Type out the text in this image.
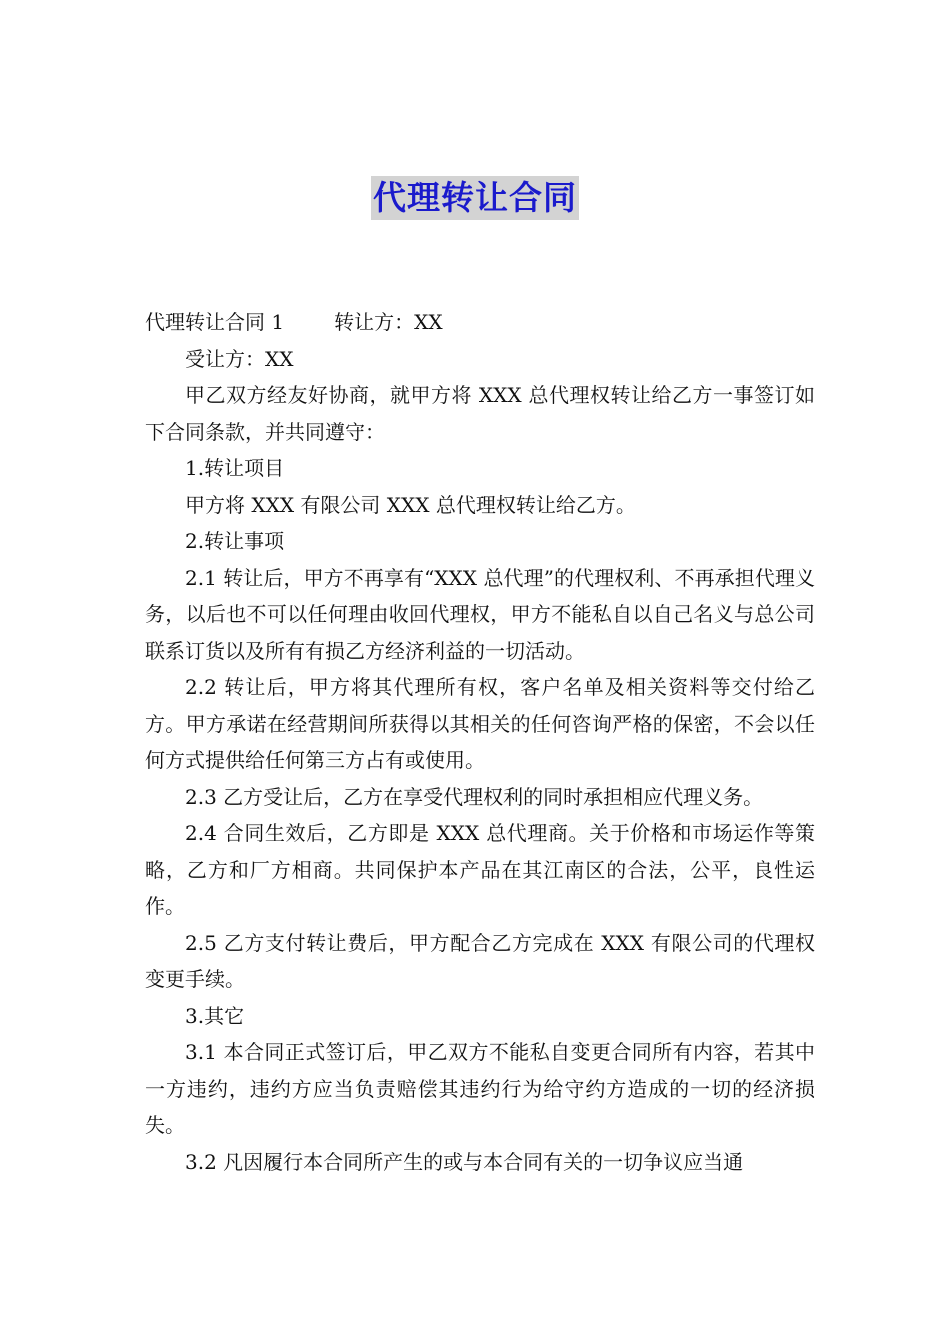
代理转让合同

代理转让合同 1	转让方：XX

受让方：XX

甲乙双方经友好协商，就甲方将 XXX 总代理权转让给乙方一事签订如下合同条款，并共同遵守：

1.转让项目

甲方将 XXX 有限公司 XXX 总代理权转让给乙方。

2.转让事项

2.1 转让后，甲方不再享有“XXX 总代理”的代理权利、不再承担代理义务，以后也不可以任何理由收回代理权，甲方不能私自以自己名义与总公司联系订货以及所有有损乙方经济利益的一切活动。

2.2 转让后，甲方将其代理所有权，客户名单及相关资料等交付给乙方。甲方承诺在经营期间所获得以其相关的任何咨询严格的保密，不会以任何方式提供给任何第三方占有或使用。

2.3 乙方受让后，乙方在享受代理权利的同时承担相应代理义务。

2.4 合同生效后，乙方即是 XXX 总代理商。关于价格和市场运作等策略，乙方和厂方相商。共同保护本产品在其江南区的合法，公平，良性运作。

2.5 乙方支付转让费后，甲方配合乙方完成在 XXX 有限公司的代理权变更手续。

3.其它

3.1 本合同正式签订后，甲乙双方不能私自变更合同所有内容，若其中一方违约，违约方应当负责赔偿其违约行为给守约方造成的一切的经济损失。

3.2 凡因履行本合同所产生的或与本合同有关的一切争议应当通
